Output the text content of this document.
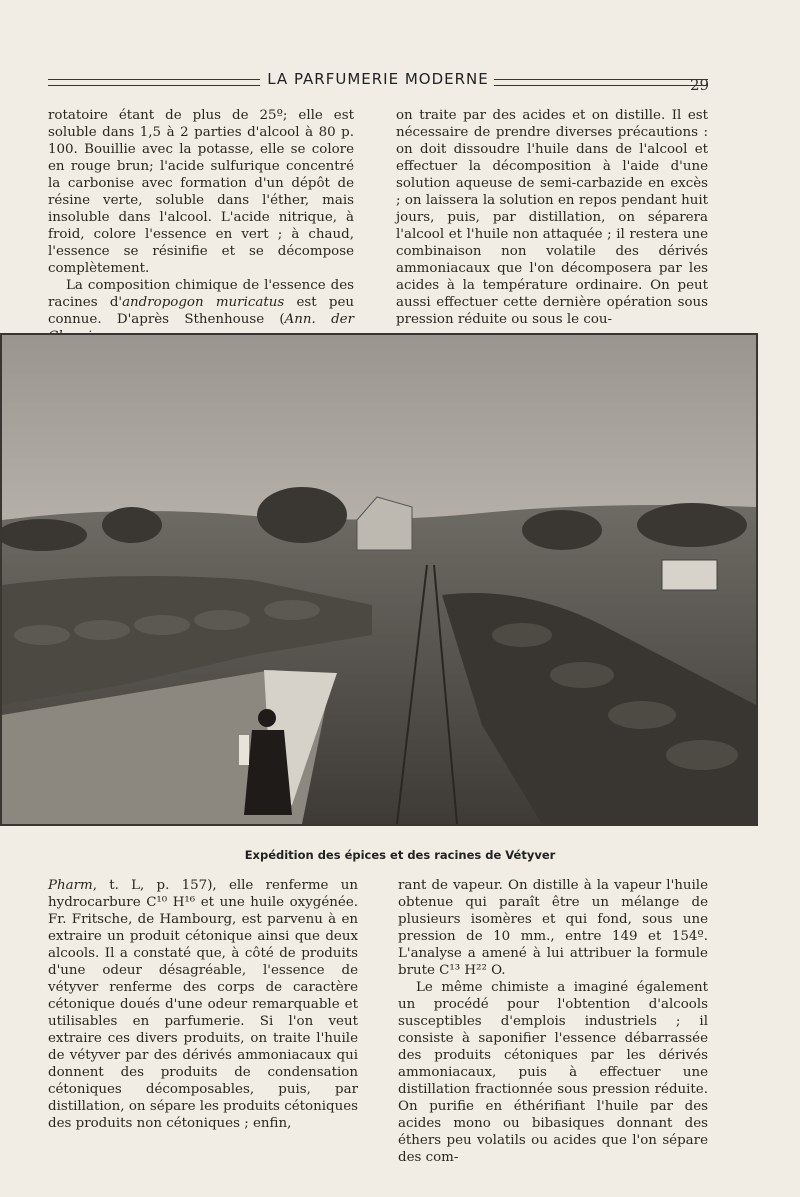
LA PARFUMERIE MODERNE	29

rotatoire étant de plus de 25º; elle est soluble dans 1,5 à 2 parties d'alcool à 80 p. 100. Bouillie avec la potasse, elle se colore en rouge brun; l'acide sulfurique concentré la carbonise avec formation d'un dépôt de résine verte, soluble dans l'éther, mais insoluble dans l'alcool. L'acide nitrique, à froid, colore l'essence en vert ; à chaud, l'essence se résinifie et se décompose complètement.

La composition chimique de l'essence des racines d'andropogon muricatus est peu connue. D'après Sthenhouse (Ann. der

on traite par des acides et on distille. Il est nécessaire de prendre diverses précautions : on doit dissoudre l'huile dans de l'alcool et effectuer la décomposition à l'aide d'une solution aqueuse de semi-carbazide en excès ; on laissera la solution en repos pendant huit jours, puis, par distillation, on séparera l'alcool et l'huile non attaquée ; il restera une combinaison non volatile des dérivés ammoniacaux que l'on décomposera par les acides à la température ordinaire. On peut aussi effectuer cette dernière opération sous pression réduite ou sous le cou-

Expédition des épices et des racines de Vétyver

Pharm, t. L, p. 157), elle renferme un hydrocarbure C¹⁰ H¹⁶ et une huile oxygénée. Fr. Fritsche, de Hambourg, est parvenu à en extraire un produit cétonique ainsi que deux alcools. Il a constaté que, à côté de produits d'une odeur désagréable, l'essence de vétyver renferme des corps de caractère cétonique doués d'une odeur remarquable et utilisables en parfumerie. Si l'on veut extraire ces divers produits, on traite l'huile de vétyver par des dérivés ammoniacaux qui donnent des produits de condensation cétoniques décomposables, puis, par distillation, on sépare les produits cétoniques des produits non cétoniques ; enfin,

rant de vapeur. On distille à la vapeur l'huile obtenue qui paraît être un mélange de plusieurs isomères et qui fond, sous une pression de 10 mm., entre 149 et 154º. L'analyse a amené à lui attribuer la formule brute C¹³ H²² O.

Le même chimiste a imaginé également un procédé pour l'obtention d'alcools susceptibles d'emplois industriels ; il consiste à saponifier l'essence débarrassée des produits cétoniques par les dérivés ammoniacaux, puis à effectuer une distillation fractionnée sous pression réduite. On purifie en éthérifiant l'huile par des acides mono ou bibasiques donnant des éthers peu volatils ou acides que l'on sépare des com-
